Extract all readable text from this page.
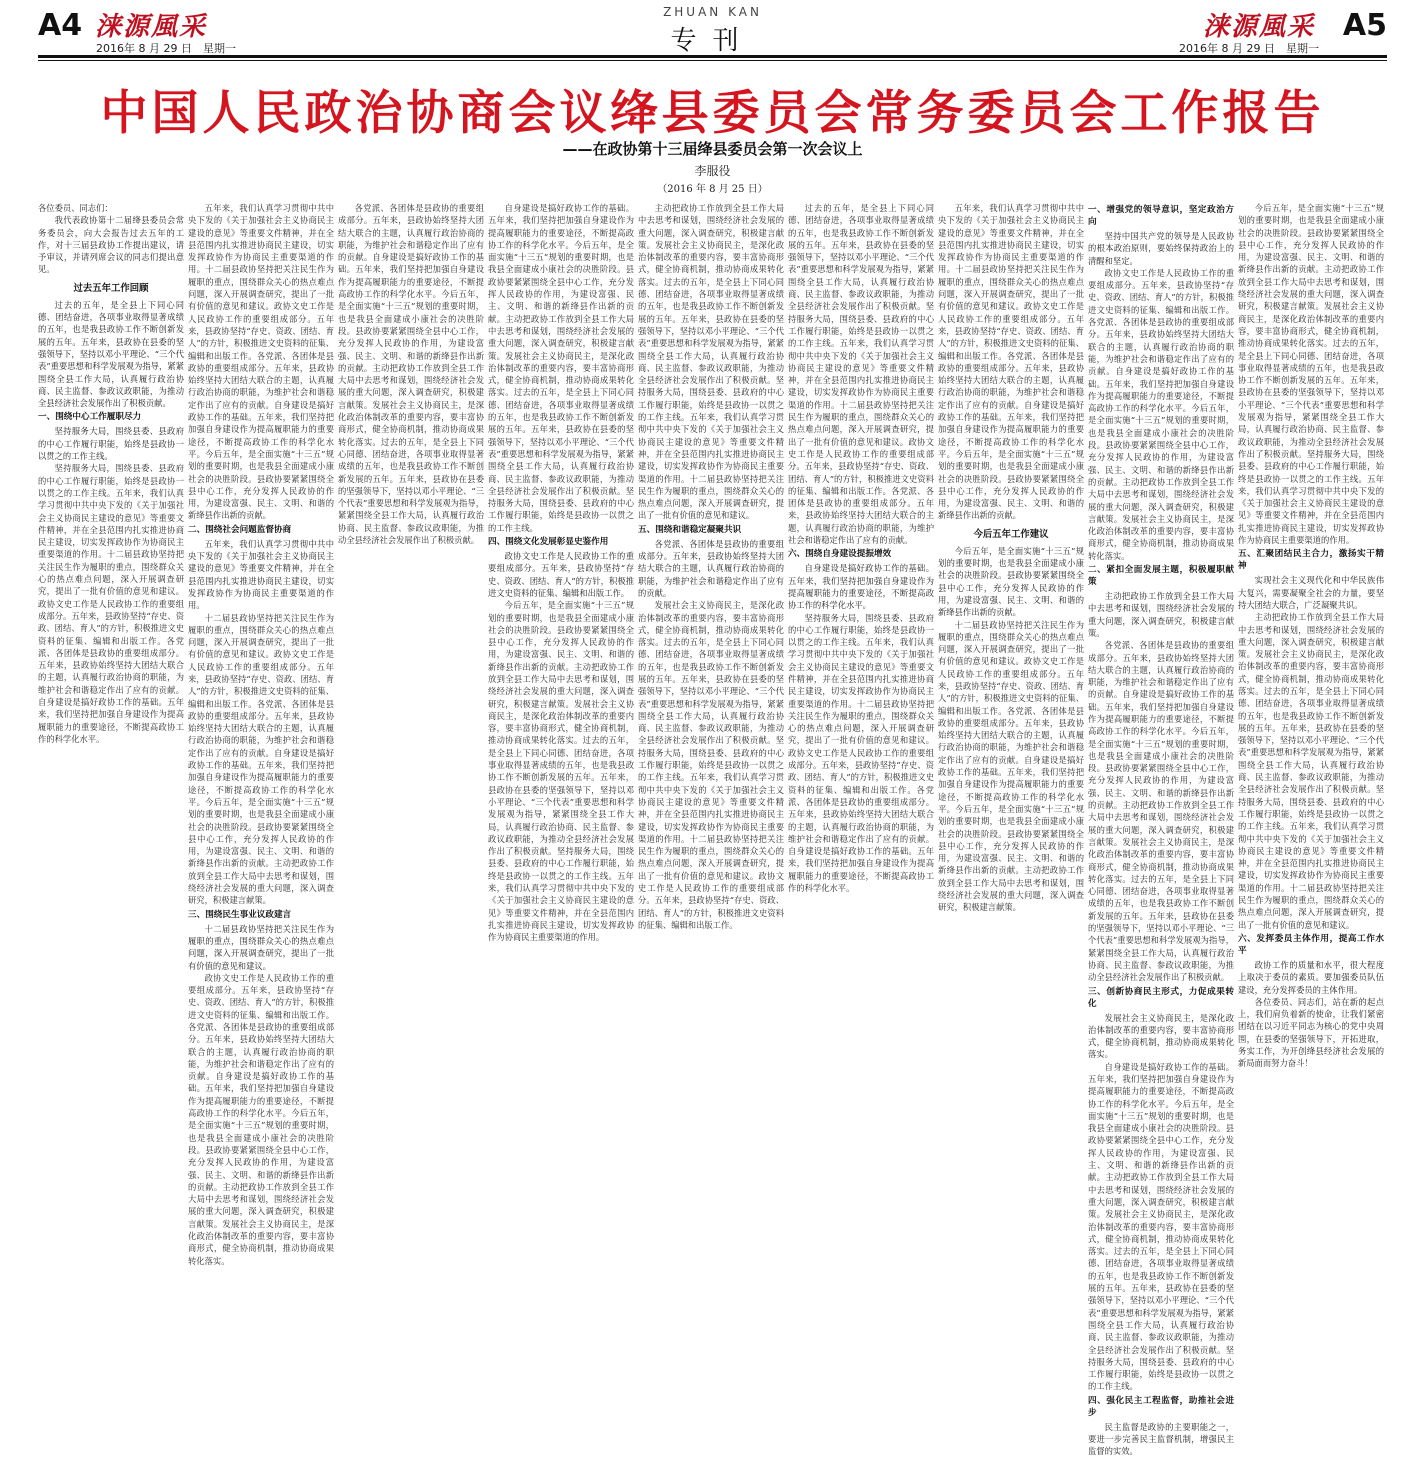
A4 涞源風采
2016年 8 月 29 日　星期一
ZHUAN KAN
专刊	涞源風采
2016年 8 月 29 日　星期一
A5
中国人民政治协商会议绛县委员会常务委员会工作报告
——在政协第十三届绛县委员会第一次会议上
李服役
（2016 年 8 月 25 日）

各位委员、同志们：

我代表政协第十二届绛县委员会常务委员会，向大会报告过去五年的工作，对十三届县政协工作提出建议，请予审议，并请列席会议的同志们提出意见。

过去五年工作回顾

过去的五年，是全县上下同心同德、团结奋进，各项事业取得显著成绩的五年，也是我县政协工作不断创新发展的五年。五年来，县政协在县委的坚强领导下，坚持以邓小平理论、“三个代表”重要思想和科学发展观为指导，紧紧围绕全县工作大局，认真履行政治协商、民主监督、参政议政职能，为推动全县经济社会发展作出了积极贡献。

一、围绕中心工作履职尽力

坚持服务大局，围绕县委、县政府的中心工作履行职能，始终是县政协一以贯之的工作主线。

坚持服务大局，围绕县委、县政府的中心工作履行职能，始终是县政协一以贯之的工作主线。五年来，我们认真学习贯彻中共中央下发的《关于加强社会主义协商民主建设的意见》等重要文件精神，并在全县范围内扎实推进协商民主建设，切实发挥政协作为协商民主重要渠道的作用。十二届县政协坚持把关注民生作为履职的重点，围绕群众关心的热点难点问题，深入开展调查研究，提出了一批有价值的意见和建议。政协文史工作是人民政协工作的重要组成部分。五年来，县政协坚持“存史、资政、团结、育人”的方针，积极推进文史资料的征集、编辑和出版工作。各党派、各团体是县政协的重要组成部分。五年来，县政协始终坚持大团结大联合的主题，认真履行政治协商的职能，为维护社会和谐稳定作出了应有的贡献。自身建设是搞好政协工作的基础。五年来，我们坚持把加强自身建设作为提高履职能力的重要途径，不断提高政协工作的科学化水平。

五年来，我们认真学习贯彻中共中央下发的《关于加强社会主义协商民主建设的意见》等重要文件精神，并在全县范围内扎实推进协商民主建设，切实发挥政协作为协商民主重要渠道的作用。十二届县政协坚持把关注民生作为履职的重点，围绕群众关心的热点难点问题，深入开展调查研究，提出了一批有价值的意见和建议。政协文史工作是人民政协工作的重要组成部分。五年来，县政协坚持“存史、资政、团结、育人”的方针，积极推进文史资料的征集、编辑和出版工作。各党派、各团体是县政协的重要组成部分。五年来，县政协始终坚持大团结大联合的主题，认真履行政治协商的职能，为维护社会和谐稳定作出了应有的贡献。自身建设是搞好政协工作的基础。五年来，我们坚持把加强自身建设作为提高履职能力的重要途径，不断提高政协工作的科学化水平。今后五年，是全面实施“十三五”规划的重要时期，也是我县全面建成小康社会的决胜阶段。县政协要紧紧围绕全县中心工作，充分发挥人民政协的作用，为建设富强、民主、文明、和谐的新绛县作出新的贡献。

二、围绕社会问题监督协商

五年来，我们认真学习贯彻中共中央下发的《关于加强社会主义协商民主建设的意见》等重要文件精神，并在全县范围内扎实推进协商民主建设，切实发挥政协作为协商民主重要渠道的作用。

十二届县政协坚持把关注民生作为履职的重点，围绕群众关心的热点难点问题，深入开展调查研究，提出了一批有价值的意见和建议。政协文史工作是人民政协工作的重要组成部分。五年来，县政协坚持“存史、资政、团结、育人”的方针，积极推进文史资料的征集、编辑和出版工作。各党派、各团体是县政协的重要组成部分。五年来，县政协始终坚持大团结大联合的主题，认真履行政治协商的职能，为维护社会和谐稳定作出了应有的贡献。自身建设是搞好政协工作的基础。五年来，我们坚持把加强自身建设作为提高履职能力的重要途径，不断提高政协工作的科学化水平。今后五年，是全面实施“十三五”规划的重要时期，也是我县全面建成小康社会的决胜阶段。县政协要紧紧围绕全县中心工作，充分发挥人民政协的作用，为建设富强、民主、文明、和谐的新绛县作出新的贡献。主动把政协工作放到全县工作大局中去思考和谋划，围绕经济社会发展的重大问题，深入调查研究，积极建言献策。

三、围绕民生事业议政建言

十二届县政协坚持把关注民生作为履职的重点，围绕群众关心的热点难点问题，深入开展调查研究，提出了一批有价值的意见和建议。

政协文史工作是人民政协工作的重要组成部分。五年来，县政协坚持“存史、资政、团结、育人”的方针，积极推进文史资料的征集、编辑和出版工作。各党派、各团体是县政协的重要组成部分。五年来，县政协始终坚持大团结大联合的主题，认真履行政治协商的职能，为维护社会和谐稳定作出了应有的贡献。自身建设是搞好政协工作的基础。五年来，我们坚持把加强自身建设作为提高履职能力的重要途径，不断提高政协工作的科学化水平。今后五年，是全面实施“十三五”规划的重要时期，也是我县全面建成小康社会的决胜阶段。县政协要紧紧围绕全县中心工作，充分发挥人民政协的作用，为建设富强、民主、文明、和谐的新绛县作出新的贡献。主动把政协工作放到全县工作大局中去思考和谋划，围绕经济社会发展的重大问题，深入调查研究，积极建言献策。发展社会主义协商民主，是深化政治体制改革的重要内容，要丰富协商形式，健全协商机制，推动协商成果转化落实。

各党派、各团体是县政协的重要组成部分。五年来，县政协始终坚持大团结大联合的主题，认真履行政治协商的职能，为维护社会和谐稳定作出了应有的贡献。自身建设是搞好政协工作的基础。五年来，我们坚持把加强自身建设作为提高履职能力的重要途径，不断提高政协工作的科学化水平。今后五年，是全面实施“十三五”规划的重要时期，也是我县全面建成小康社会的决胜阶段。县政协要紧紧围绕全县中心工作，充分发挥人民政协的作用，为建设富强、民主、文明、和谐的新绛县作出新的贡献。主动把政协工作放到全县工作大局中去思考和谋划，围绕经济社会发展的重大问题，深入调查研究，积极建言献策。发展社会主义协商民主，是深化政治体制改革的重要内容，要丰富协商形式，健全协商机制，推动协商成果转化落实。过去的五年，是全县上下同心同德、团结奋进，各项事业取得显著成绩的五年，也是我县政协工作不断创新发展的五年。五年来，县政协在县委的坚强领导下，坚持以邓小平理论、“三个代表”重要思想和科学发展观为指导，紧紧围绕全县工作大局，认真履行政治协商、民主监督、参政议政职能，为推动全县经济社会发展作出了积极贡献。

自身建设是搞好政协工作的基础。五年来，我们坚持把加强自身建设作为提高履职能力的重要途径，不断提高政协工作的科学化水平。今后五年，是全面实施“十三五”规划的重要时期，也是我县全面建成小康社会的决胜阶段。县政协要紧紧围绕全县中心工作，充分发挥人民政协的作用，为建设富强、民主、文明、和谐的新绛县作出新的贡献。主动把政协工作放到全县工作大局中去思考和谋划，围绕经济社会发展的重大问题，深入调查研究，积极建言献策。发展社会主义协商民主，是深化政治体制改革的重要内容，要丰富协商形式，健全协商机制，推动协商成果转化落实。过去的五年，是全县上下同心同德、团结奋进，各项事业取得显著成绩的五年，也是我县政协工作不断创新发展的五年。五年来，县政协在县委的坚强领导下，坚持以邓小平理论、“三个代表”重要思想和科学发展观为指导，紧紧围绕全县工作大局，认真履行政治协商、民主监督、参政议政职能，为推动全县经济社会发展作出了积极贡献。坚持服务大局，围绕县委、县政府的中心工作履行职能，始终是县政协一以贯之的工作主线。

四、围绕文化发展彰显史鉴作用

政协文史工作是人民政协工作的重要组成部分。五年来，县政协坚持“存史、资政、团结、育人”的方针，积极推进文史资料的征集、编辑和出版工作。

今后五年，是全面实施“十三五”规划的重要时期，也是我县全面建成小康社会的决胜阶段。县政协要紧紧围绕全县中心工作，充分发挥人民政协的作用，为建设富强、民主、文明、和谐的新绛县作出新的贡献。主动把政协工作放到全县工作大局中去思考和谋划，围绕经济社会发展的重大问题，深入调查研究，积极建言献策。发展社会主义协商民主，是深化政治体制改革的重要内容，要丰富协商形式，健全协商机制，推动协商成果转化落实。过去的五年，是全县上下同心同德、团结奋进，各项事业取得显著成绩的五年，也是我县政协工作不断创新发展的五年。五年来，县政协在县委的坚强领导下，坚持以邓小平理论、“三个代表”重要思想和科学发展观为指导，紧紧围绕全县工作大局，认真履行政治协商、民主监督、参政议政职能，为推动全县经济社会发展作出了积极贡献。坚持服务大局，围绕县委、县政府的中心工作履行职能，始终是县政协一以贯之的工作主线。五年来，我们认真学习贯彻中共中央下发的《关于加强社会主义协商民主建设的意见》等重要文件精神，并在全县范围内扎实推进协商民主建设，切实发挥政协作为协商民主重要渠道的作用。

主动把政协工作放到全县工作大局中去思考和谋划，围绕经济社会发展的重大问题，深入调查研究，积极建言献策。发展社会主义协商民主，是深化政治体制改革的重要内容，要丰富协商形式，健全协商机制，推动协商成果转化落实。过去的五年，是全县上下同心同德、团结奋进，各项事业取得显著成绩的五年，也是我县政协工作不断创新发展的五年。五年来，县政协在县委的坚强领导下，坚持以邓小平理论、“三个代表”重要思想和科学发展观为指导，紧紧围绕全县工作大局，认真履行政治协商、民主监督、参政议政职能，为推动全县经济社会发展作出了积极贡献。坚持服务大局，围绕县委、县政府的中心工作履行职能，始终是县政协一以贯之的工作主线。五年来，我们认真学习贯彻中共中央下发的《关于加强社会主义协商民主建设的意见》等重要文件精神，并在全县范围内扎实推进协商民主建设，切实发挥政协作为协商民主重要渠道的作用。十二届县政协坚持把关注民生作为履职的重点，围绕群众关心的热点难点问题，深入开展调查研究，提出了一批有价值的意见和建议。

五、围绕和谐稳定凝聚共识

各党派、各团体是县政协的重要组成部分。五年来，县政协始终坚持大团结大联合的主题，认真履行政治协商的职能，为维护社会和谐稳定作出了应有的贡献。

发展社会主义协商民主，是深化政治体制改革的重要内容，要丰富协商形式，健全协商机制，推动协商成果转化落实。过去的五年，是全县上下同心同德、团结奋进，各项事业取得显著成绩的五年，也是我县政协工作不断创新发展的五年。五年来，县政协在县委的坚强领导下，坚持以邓小平理论、“三个代表”重要思想和科学发展观为指导，紧紧围绕全县工作大局，认真履行政治协商、民主监督、参政议政职能，为推动全县经济社会发展作出了积极贡献。坚持服务大局，围绕县委、县政府的中心工作履行职能，始终是县政协一以贯之的工作主线。五年来，我们认真学习贯彻中共中央下发的《关于加强社会主义协商民主建设的意见》等重要文件精神，并在全县范围内扎实推进协商民主建设，切实发挥政协作为协商民主重要渠道的作用。十二届县政协坚持把关注民生作为履职的重点，围绕群众关心的热点难点问题，深入开展调查研究，提出了一批有价值的意见和建议。政协文史工作是人民政协工作的重要组成部分。五年来，县政协坚持“存史、资政、团结、育人”的方针，积极推进文史资料的征集、编辑和出版工作。

过去的五年，是全县上下同心同德、团结奋进，各项事业取得显著成绩的五年，也是我县政协工作不断创新发展的五年。五年来，县政协在县委的坚强领导下，坚持以邓小平理论、“三个代表”重要思想和科学发展观为指导，紧紧围绕全县工作大局，认真履行政治协商、民主监督、参政议政职能，为推动全县经济社会发展作出了积极贡献。坚持服务大局，围绕县委、县政府的中心工作履行职能，始终是县政协一以贯之的工作主线。五年来，我们认真学习贯彻中共中央下发的《关于加强社会主义协商民主建设的意见》等重要文件精神，并在全县范围内扎实推进协商民主建设，切实发挥政协作为协商民主重要渠道的作用。十二届县政协坚持把关注民生作为履职的重点，围绕群众关心的热点难点问题，深入开展调查研究，提出了一批有价值的意见和建议。政协文史工作是人民政协工作的重要组成部分。五年来，县政协坚持“存史、资政、团结、育人”的方针，积极推进文史资料的征集、编辑和出版工作。各党派、各团体是县政协的重要组成部分。五年来，县政协始终坚持大团结大联合的主题，认真履行政治协商的职能，为维护社会和谐稳定作出了应有的贡献。

六、围绕自身建设提振增效

自身建设是搞好政协工作的基础。五年来，我们坚持把加强自身建设作为提高履职能力的重要途径，不断提高政协工作的科学化水平。

坚持服务大局，围绕县委、县政府的中心工作履行职能，始终是县政协一以贯之的工作主线。五年来，我们认真学习贯彻中共中央下发的《关于加强社会主义协商民主建设的意见》等重要文件精神，并在全县范围内扎实推进协商民主建设，切实发挥政协作为协商民主重要渠道的作用。十二届县政协坚持把关注民生作为履职的重点，围绕群众关心的热点难点问题，深入开展调查研究，提出了一批有价值的意见和建议。政协文史工作是人民政协工作的重要组成部分。五年来，县政协坚持“存史、资政、团结、育人”的方针，积极推进文史资料的征集、编辑和出版工作。各党派、各团体是县政协的重要组成部分。五年来，县政协始终坚持大团结大联合的主题，认真履行政治协商的职能，为维护社会和谐稳定作出了应有的贡献。自身建设是搞好政协工作的基础。五年来，我们坚持把加强自身建设作为提高履职能力的重要途径，不断提高政协工作的科学化水平。

五年来，我们认真学习贯彻中共中央下发的《关于加强社会主义协商民主建设的意见》等重要文件精神，并在全县范围内扎实推进协商民主建设，切实发挥政协作为协商民主重要渠道的作用。十二届县政协坚持把关注民生作为履职的重点，围绕群众关心的热点难点问题，深入开展调查研究，提出了一批有价值的意见和建议。政协文史工作是人民政协工作的重要组成部分。五年来，县政协坚持“存史、资政、团结、育人”的方针，积极推进文史资料的征集、编辑和出版工作。各党派、各团体是县政协的重要组成部分。五年来，县政协始终坚持大团结大联合的主题，认真履行政治协商的职能，为维护社会和谐稳定作出了应有的贡献。自身建设是搞好政协工作的基础。五年来，我们坚持把加强自身建设作为提高履职能力的重要途径，不断提高政协工作的科学化水平。今后五年，是全面实施“十三五”规划的重要时期，也是我县全面建成小康社会的决胜阶段。县政协要紧紧围绕全县中心工作，充分发挥人民政协的作用，为建设富强、民主、文明、和谐的新绛县作出新的贡献。

今后五年工作建议

今后五年，是全面实施“十三五”规划的重要时期，也是我县全面建成小康社会的决胜阶段。县政协要紧紧围绕全县中心工作，充分发挥人民政协的作用，为建设富强、民主、文明、和谐的新绛县作出新的贡献。

十二届县政协坚持把关注民生作为履职的重点，围绕群众关心的热点难点问题，深入开展调查研究，提出了一批有价值的意见和建议。政协文史工作是人民政协工作的重要组成部分。五年来，县政协坚持“存史、资政、团结、育人”的方针，积极推进文史资料的征集、编辑和出版工作。各党派、各团体是县政协的重要组成部分。五年来，县政协始终坚持大团结大联合的主题，认真履行政治协商的职能，为维护社会和谐稳定作出了应有的贡献。自身建设是搞好政协工作的基础。五年来，我们坚持把加强自身建设作为提高履职能力的重要途径，不断提高政协工作的科学化水平。今后五年，是全面实施“十三五”规划的重要时期，也是我县全面建成小康社会的决胜阶段。县政协要紧紧围绕全县中心工作，充分发挥人民政协的作用，为建设富强、民主、文明、和谐的新绛县作出新的贡献。主动把政协工作放到全县工作大局中去思考和谋划，围绕经济社会发展的重大问题，深入调查研究，积极建言献策。

一、增强党的领导意识，坚定政治方向

坚持中国共产党的领导是人民政协的根本政治原则，要始终保持政治上的清醒和坚定。

政协文史工作是人民政协工作的重要组成部分。五年来，县政协坚持“存史、资政、团结、育人”的方针，积极推进文史资料的征集、编辑和出版工作。各党派、各团体是县政协的重要组成部分。五年来，县政协始终坚持大团结大联合的主题，认真履行政治协商的职能，为维护社会和谐稳定作出了应有的贡献。自身建设是搞好政协工作的基础。五年来，我们坚持把加强自身建设作为提高履职能力的重要途径，不断提高政协工作的科学化水平。今后五年，是全面实施“十三五”规划的重要时期，也是我县全面建成小康社会的决胜阶段。县政协要紧紧围绕全县中心工作，充分发挥人民政协的作用，为建设富强、民主、文明、和谐的新绛县作出新的贡献。主动把政协工作放到全县工作大局中去思考和谋划，围绕经济社会发展的重大问题，深入调查研究，积极建言献策。发展社会主义协商民主，是深化政治体制改革的重要内容，要丰富协商形式，健全协商机制，推动协商成果转化落实。

二、紧扣全面发展主题，积极履职献策

主动把政协工作放到全县工作大局中去思考和谋划，围绕经济社会发展的重大问题，深入调查研究，积极建言献策。

各党派、各团体是县政协的重要组成部分。五年来，县政协始终坚持大团结大联合的主题，认真履行政治协商的职能，为维护社会和谐稳定作出了应有的贡献。自身建设是搞好政协工作的基础。五年来，我们坚持把加强自身建设作为提高履职能力的重要途径，不断提高政协工作的科学化水平。今后五年，是全面实施“十三五”规划的重要时期，也是我县全面建成小康社会的决胜阶段。县政协要紧紧围绕全县中心工作，充分发挥人民政协的作用，为建设富强、民主、文明、和谐的新绛县作出新的贡献。主动把政协工作放到全县工作大局中去思考和谋划，围绕经济社会发展的重大问题，深入调查研究，积极建言献策。发展社会主义协商民主，是深化政治体制改革的重要内容，要丰富协商形式，健全协商机制，推动协商成果转化落实。过去的五年，是全县上下同心同德、团结奋进，各项事业取得显著成绩的五年，也是我县政协工作不断创新发展的五年。五年来，县政协在县委的坚强领导下，坚持以邓小平理论、“三个代表”重要思想和科学发展观为指导，紧紧围绕全县工作大局，认真履行政治协商、民主监督、参政议政职能，为推动全县经济社会发展作出了积极贡献。

三、创新协商民主形式，力促成果转化

发展社会主义协商民主，是深化政治体制改革的重要内容，要丰富协商形式，健全协商机制，推动协商成果转化落实。

自身建设是搞好政协工作的基础。五年来，我们坚持把加强自身建设作为提高履职能力的重要途径，不断提高政协工作的科学化水平。今后五年，是全面实施“十三五”规划的重要时期，也是我县全面建成小康社会的决胜阶段。县政协要紧紧围绕全县中心工作，充分发挥人民政协的作用，为建设富强、民主、文明、和谐的新绛县作出新的贡献。主动把政协工作放到全县工作大局中去思考和谋划，围绕经济社会发展的重大问题，深入调查研究，积极建言献策。发展社会主义协商民主，是深化政治体制改革的重要内容，要丰富协商形式，健全协商机制，推动协商成果转化落实。过去的五年，是全县上下同心同德、团结奋进，各项事业取得显著成绩的五年，也是我县政协工作不断创新发展的五年。五年来，县政协在县委的坚强领导下，坚持以邓小平理论、“三个代表”重要思想和科学发展观为指导，紧紧围绕全县工作大局，认真履行政治协商、民主监督、参政议政职能，为推动全县经济社会发展作出了积极贡献。坚持服务大局，围绕县委、县政府的中心工作履行职能，始终是县政协一以贯之的工作主线。

四、强化民主工程监督，助推社会进步

民主监督是政协的主要职能之一，要进一步完善民主监督机制，增强民主监督的实效。

今后五年，是全面实施“十三五”规划的重要时期，也是我县全面建成小康社会的决胜阶段。县政协要紧紧围绕全县中心工作，充分发挥人民政协的作用，为建设富强、民主、文明、和谐的新绛县作出新的贡献。主动把政协工作放到全县工作大局中去思考和谋划，围绕经济社会发展的重大问题，深入调查研究，积极建言献策。发展社会主义协商民主，是深化政治体制改革的重要内容，要丰富协商形式，健全协商机制，推动协商成果转化落实。过去的五年，是全县上下同心同德、团结奋进，各项事业取得显著成绩的五年，也是我县政协工作不断创新发展的五年。五年来，县政协在县委的坚强领导下，坚持以邓小平理论、“三个代表”重要思想和科学发展观为指导，紧紧围绕全县工作大局，认真履行政治协商、民主监督、参政议政职能，为推动全县经济社会发展作出了积极贡献。坚持服务大局，围绕县委、县政府的中心工作履行职能，始终是县政协一以贯之的工作主线。五年来，我们认真学习贯彻中共中央下发的《关于加强社会主义协商民主建设的意见》等重要文件精神，并在全县范围内扎实推进协商民主建设，切实发挥政协作为协商民主重要渠道的作用。

五、汇聚团结民主合力，激扬实干精神

实现社会主义现代化和中华民族伟大复兴，需要凝聚全社会的力量，要坚持大团结大联合，广泛凝聚共识。

主动把政协工作放到全县工作大局中去思考和谋划，围绕经济社会发展的重大问题，深入调查研究，积极建言献策。发展社会主义协商民主，是深化政治体制改革的重要内容，要丰富协商形式，健全协商机制，推动协商成果转化落实。过去的五年，是全县上下同心同德、团结奋进，各项事业取得显著成绩的五年，也是我县政协工作不断创新发展的五年。五年来，县政协在县委的坚强领导下，坚持以邓小平理论、“三个代表”重要思想和科学发展观为指导，紧紧围绕全县工作大局，认真履行政治协商、民主监督、参政议政职能，为推动全县经济社会发展作出了积极贡献。坚持服务大局，围绕县委、县政府的中心工作履行职能，始终是县政协一以贯之的工作主线。五年来，我们认真学习贯彻中共中央下发的《关于加强社会主义协商民主建设的意见》等重要文件精神，并在全县范围内扎实推进协商民主建设，切实发挥政协作为协商民主重要渠道的作用。十二届县政协坚持把关注民生作为履职的重点，围绕群众关心的热点难点问题，深入开展调查研究，提出了一批有价值的意见和建议。

六、发挥委员主体作用，提高工作水平

政协工作的质量和水平，很大程度上取决于委员的素质。要加强委员队伍建设，充分发挥委员的主体作用。

各位委员、同志们，站在新的起点上，我们肩负着新的使命，让我们紧密团结在以习近平同志为核心的党中央周围，在县委的坚强领导下，开拓进取，务实工作，为开创绛县经济社会发展的新局面而努力奋斗！
